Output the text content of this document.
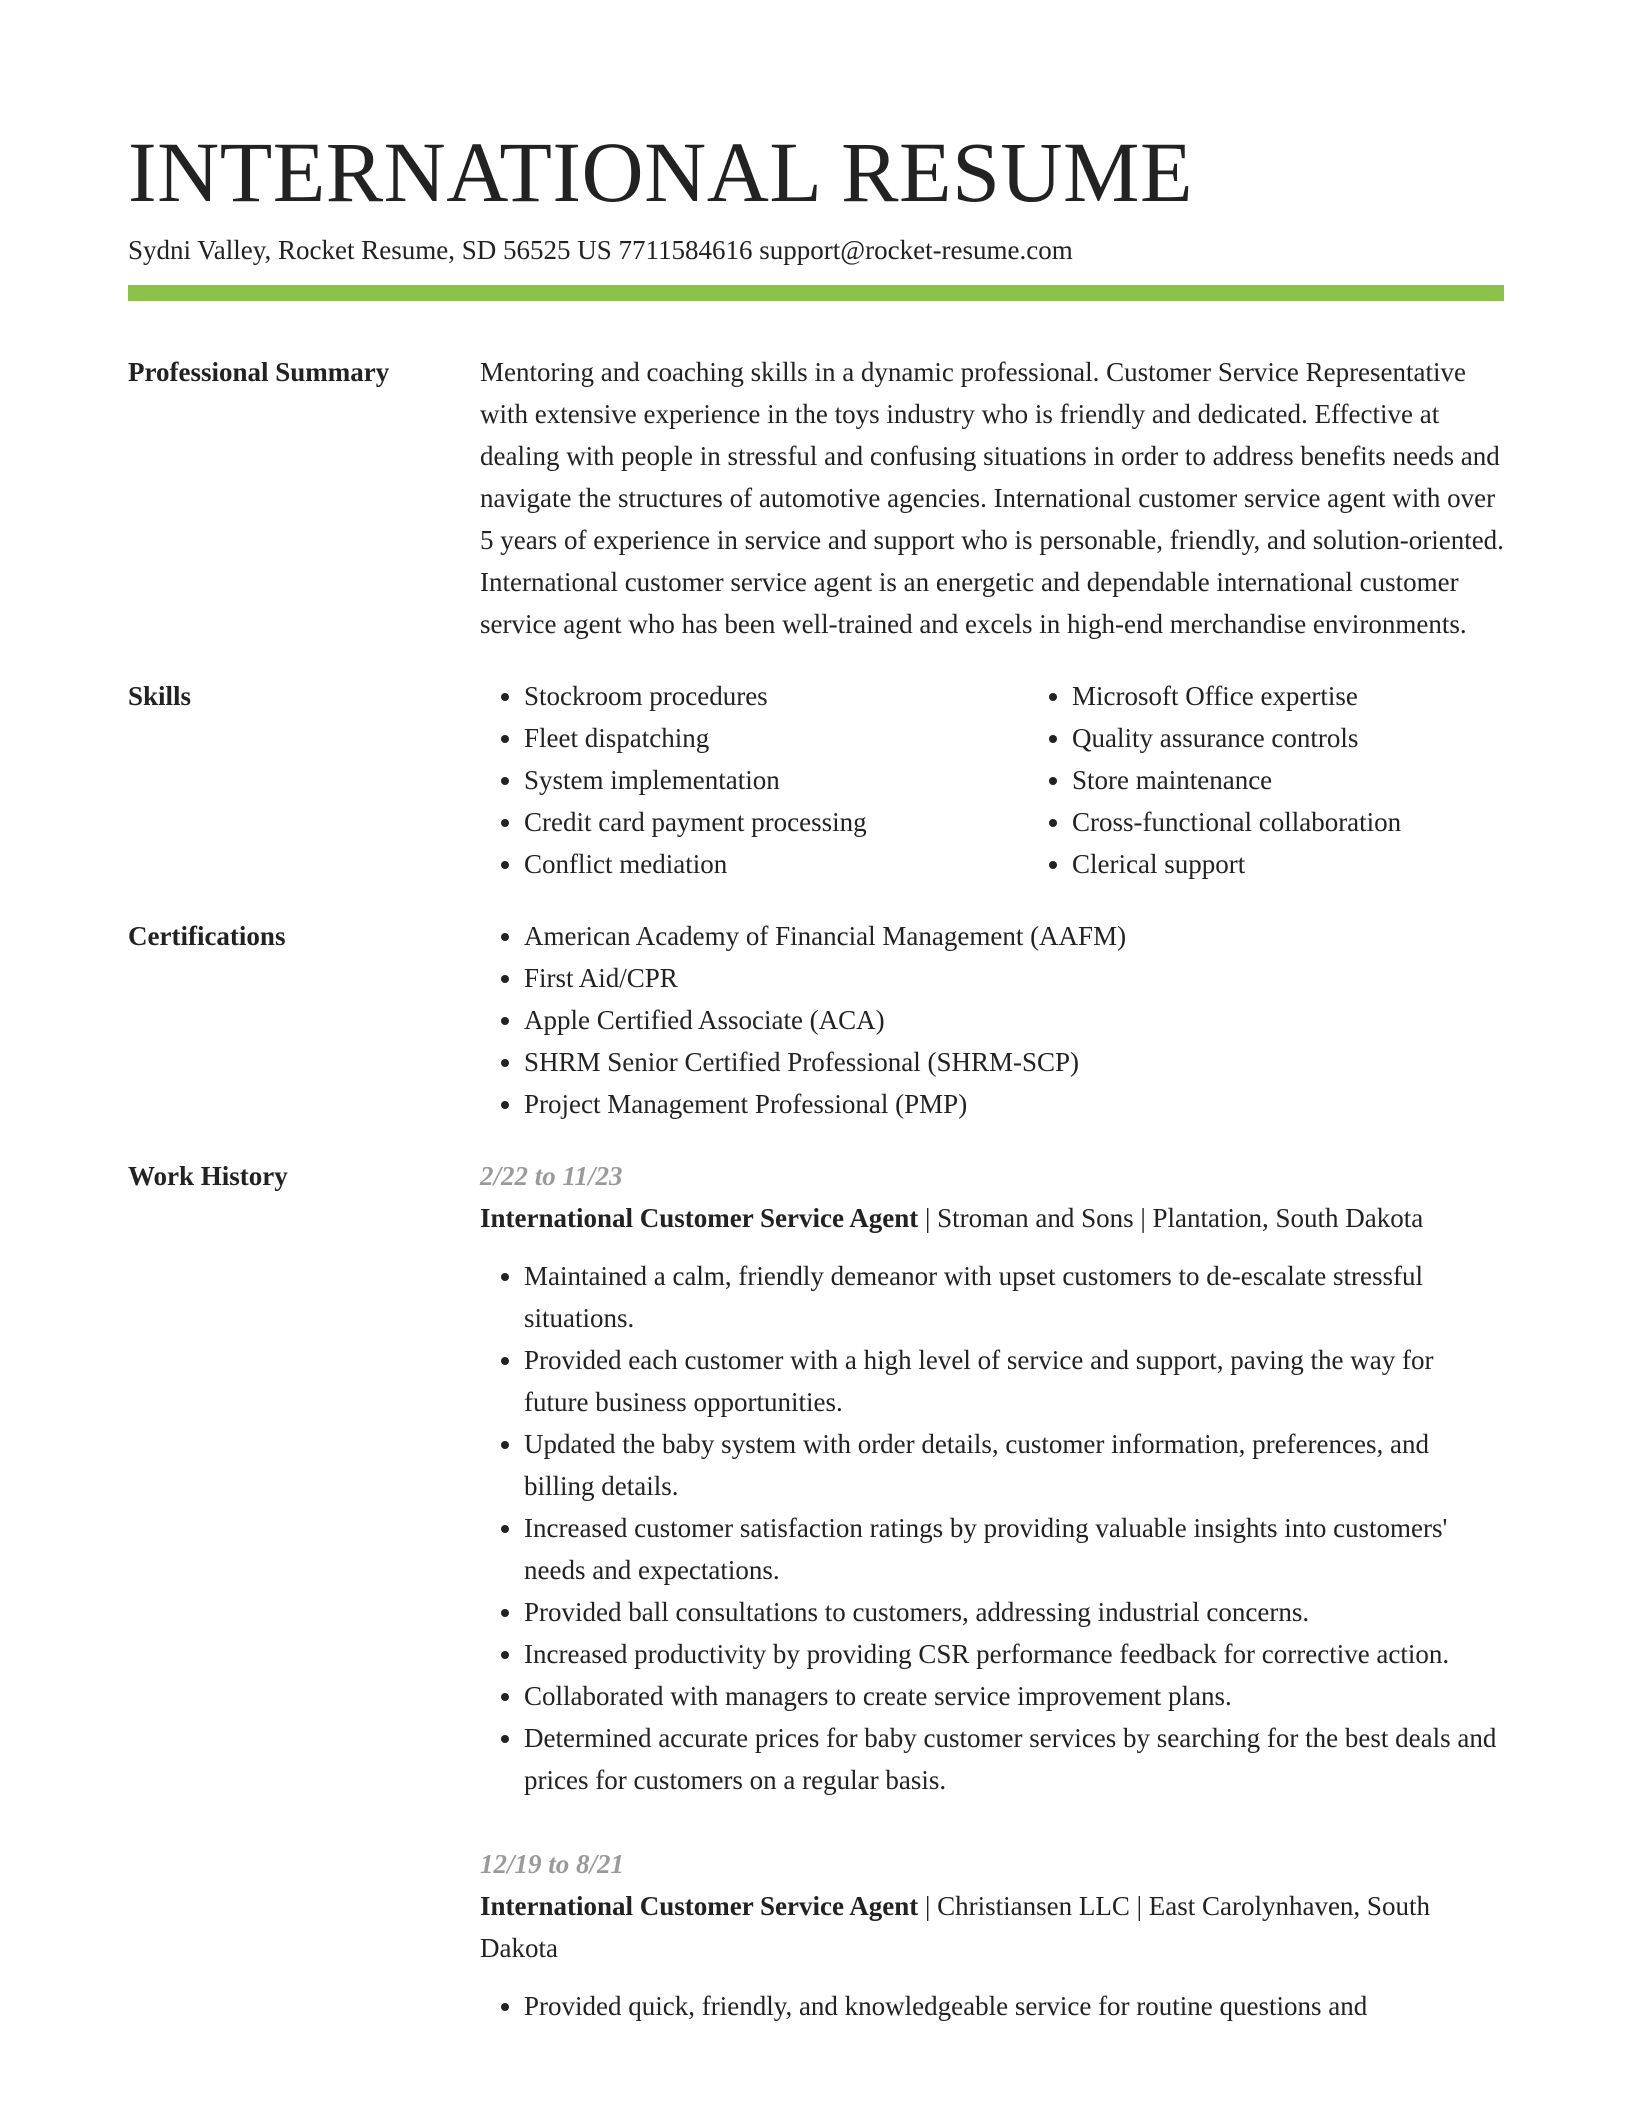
INTERNATIONAL RESUME
Sydni Valley, Rocket Resume, SD 56525 US 7711584616 support@rocket-resume.com
Professional Summary	Mentoring and coaching skills in a dynamic professional. Customer Service Representative with extensive experience in the toys industry who is friendly and dedicated. Effective at dealing with people in stressful and confusing situations in order to address benefits needs and navigate the structures of automotive agencies. International customer service agent with over 5 years of experience in service and support who is personable, friendly, and solution-oriented. International customer service agent is an energetic and dependable international customer service agent who has been well-trained and excels in high-end merchandise environments.

Skills	• Stockroom procedures
• Fleet dispatching
• System implementation
• Credit card payment processing
• Conflict mediation
• Microsoft Office expertise
• Quality assurance controls
• Store maintenance
• Cross-functional collaboration
• Clerical support
Certifications	• American Academy of Financial Management (AAFM)
• First Aid/CPR
• Apple Certified Associate (ACA)
• SHRM Senior Certified Professional (SHRM-SCP)
• Project Management Professional (PMP)
Work History	2/22 to 11/23
International Customer Service Agent | Stroman and Sons | Plantation, South Dakota
• Maintained a calm, friendly demeanor with upset customers to de-escalate stressful situations.
• Provided each customer with a high level of service and support, paving the way for future business opportunities.
• Updated the baby system with order details, customer information, preferences, and billing details.
• Increased customer satisfaction ratings by providing valuable insights into customers' needs and expectations.
• Provided ball consultations to customers, addressing industrial concerns.
• Increased productivity by providing CSR performance feedback for corrective action.
• Collaborated with managers to create service improvement plans.
• Determined accurate prices for baby customer services by searching for the best deals and prices for customers on a regular basis.
12/19 to 8/21
International Customer Service Agent | Christiansen LLC | East Carolynhaven, South Dakota
• Provided quick, friendly, and knowledgeable service for routine questions and
